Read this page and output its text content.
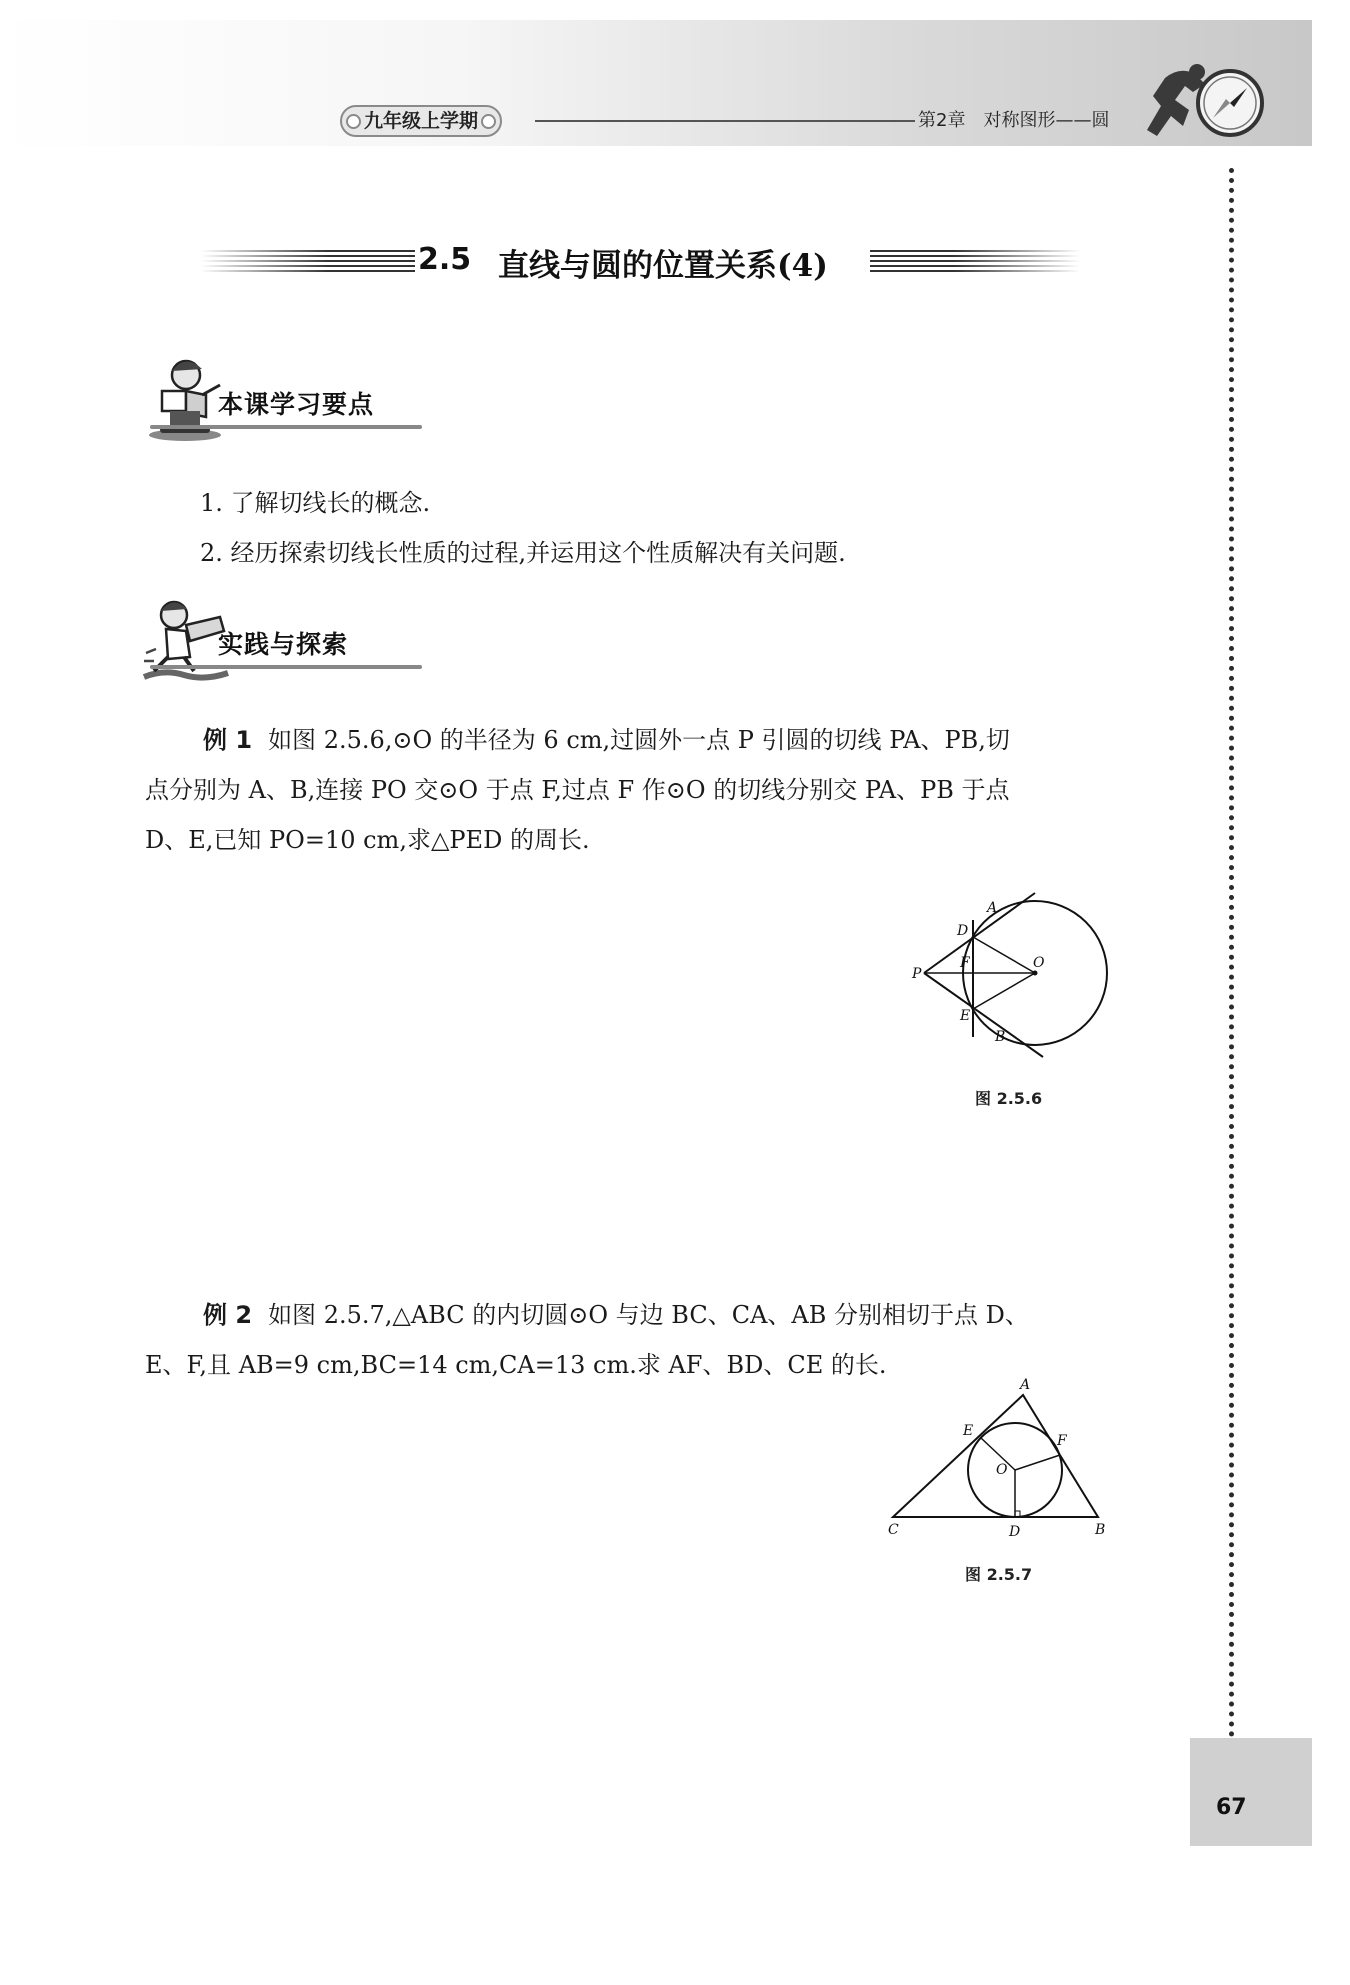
九年级上学期	第2章　对称图形——圆
2.5 直线与圆的位置关系(4)
本课学习要点
1. 了解切线长的概念.
2. 经历探索切线长性质的过程,并运用这个性质解决有关问题.
实践与探索
例 1 如图 2.5.6,⊙O 的半径为 6 cm,过圆外一点 P 引圆的切线 PA、PB,切
点分别为 A、B,连接 PO 交⊙O 于点 F,过点 F 作⊙O 的切线分别交 PA、PB 于点
D、E,已知 PO=10 cm,求△PED 的周长.
A
D
P
F	O
E
B
图 2.5.6
例 2 如图 2.5.7,△ABC 的内切圆⊙O 与边 BC、CA、AB 分别相切于点 D、
E、F,且 AB=9 cm,BC=14 cm,CA=13 cm.求 AF、BD、CE 的长.
A
E
F
O
C	D	B
图 2.5.7
67
